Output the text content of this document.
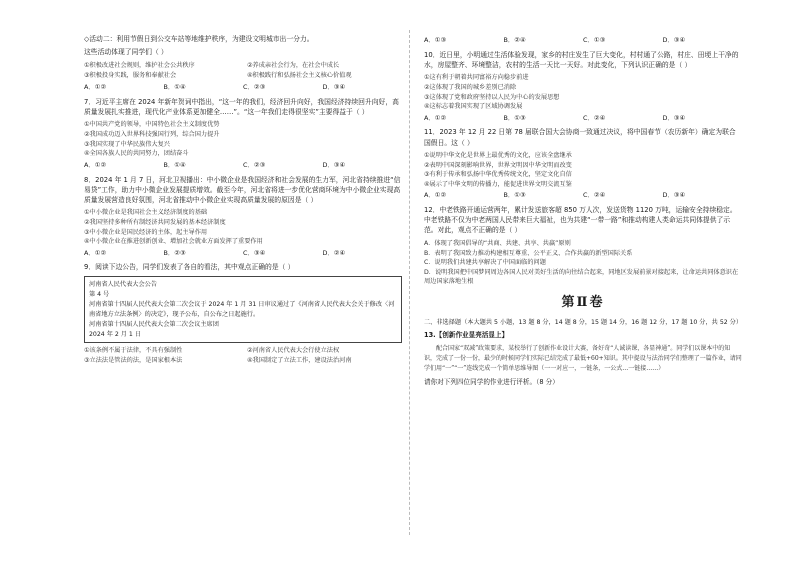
◇活动二：利用节假日到公交车站等地维护秩序，为建设文明城市出一分力。

这些活动体现了同学们（ ）

①积极改进社会规则，维护社会公共秩序	②养成亲社会行为，在社会中成长
③积极投身实践，服务和奉献社会	④积极践行和弘扬社会主义核心价值观
A．①②	B．①④	C．②③	D．③④

7．习近平主席在 2024 年新年贺词中指出，“这一年的我们，经济回升向好，我国经济持续回升向好，高质量发展扎实推进，现代化产业体系更加健全……”。“这一年我们走得很坚实”主要得益于（ ）

①中国共产党的领导，中国特色社会主义制度优势

②我国成功迈入世界科技强国行列，综合国力提升

③我国实现了中华民族伟大复兴

④全国各族人民的共同努力，团结奋斗

A．①②	B．①④	C．②③	D．③④

8．2024 年 1 月 7 日，河北卫视播出：中小微企业是我国经济和社会发展的生力军，河北省持续推进“信易贷”工作，助力中小微企业发展提质增效。截至今年，河北省将进一步优化营商环境为中小微企业实现高质量发展营造良好氛围，河北省推动中小微企业实现高质量发展的原因是（ ）

①中小微企业是我国社会主义经济制度的基础

②我国坚持多种所有制经济共同发展的基本经济制度

③中小微企业是国民经济的主体，起主导作用

④中小微企业在推进创新创业、增加社会就业方面发挥了重要作用

A．①②	B．②③	C．③④	D．②④

9．阅读下边公告，同学们发表了各自的看法，其中观点正确的是（ ）

河南省人民代表大会公告

第 4 号

河南省第十四届人民代表大会第二次会议于 2024 年 1 月 31 日审议通过了《河南省人民代表大会关于修改〈河南省地方立法条例〉的决定》，现予公布，自公布之日起施行。

河南省第十四届人民代表大会第二次会议主席团

2024 年 2 月 1 日

①该条例不属于法律，不具有强制性	②河南省人民代表大会行使立法权
③立法法是管法的法，是国家根本法	④我国制定了立法工作，建设法治河南
A．①③	B．②④	C．①③	D．③④

10．近日里，小明通过生活体验发现，家乡的村庄发生了巨大变化，村村通了公路，村庄、田埂上干净的水，房屋整齐、环境整洁，农村的生活一天比一天好。对此变化，下列认识正确的是（ ）

①这有利于朝着共同富裕方向稳步前进

②这体现了我国的城乡差别已消除

③这体现了党和政府坚持以人民为中心的发展思想

④这标志着我国实现了区域协调发展

A．①②	B．①③	C．②④	D．③④

11．2023 年 12 月 22 日第 78 届联合国大会协商一致通过决议，将中国春节（农历新年）确定为联合国假日。这（ ）

①说明中华文化是世界上最优秀的文化，应该全盘继承

②表明中国深刻影响世界，世界文明因中华文明而改变

③有利于传承和弘扬中华优秀传统文化，坚定文化自信

④展示了中华文明的传播力，能促进世界文明交流互鉴

A．①②	B．①③	C．②④	D．③④

12．中老铁路开通运营两年，累计发送旅客超 850 万人次，发送货物 1120 万吨，运输安全持续稳定。中老铁路不仅为中老两国人民带来巨大福祉，也为共建“一带一路”和推动构建人类命运共同体提供了示范。对此，观点不正确的是（ ）

A．体现了我国倡导的“共商、共建、共享、共赢”原则

B．表明了我国致力推动构建相互尊重、公平正义、合作共赢的新型国际关系

C．说明我们共建共享解决了中国面临的问题

D．说明我国把中国梦同周边各国人民对美好生活的向往结合起来，同地区发展前景对接起来，让命运共同体意识在周边国家落地生根

第Ⅱ卷

二、非选择题（本大题共 5 小题，13 题 8 分，14 题 8 分，15 题 14 分，16 题 12 分，17 题 10 分，共 52 分）

13.【创新作业显亮活显上】

配合国家“双减”政策要求，某校举行了创新作业设计大赛，备好奇“人诚读课，各显神通”。同学们以课本中的知识，完成了一份一份，最少的时候同学们实际已结完成了最低+60+知识。其中提设与法治同学们整理了一篇作业，请同学们用“一”“一”连线完成一个简单思维导图（一一对应一，一链条，一公式…一链接……）

请你对下列四位同学的作业进行评析。（8 分）
